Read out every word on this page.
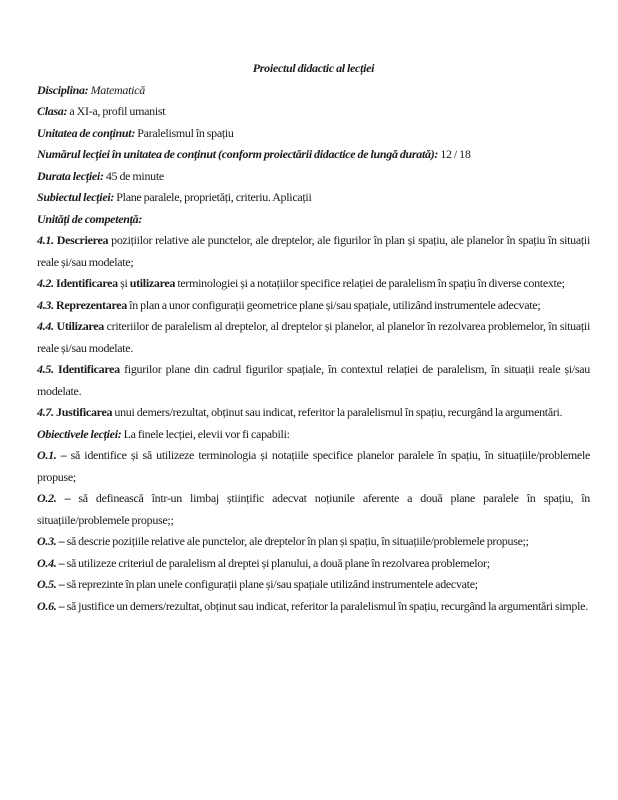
Proiectul didactic al lecției

Disciplina: Matematică

Clasa: a XI-a, profil umanist

Unitatea de conținut: Paralelismul în spațiu

Numărul lecției în unitatea de conținut (conform proiectării didactice de lungă durată): 12 / 18

Durata lecției: 45 de minute

Subiectul lecției: Plane paralele, proprietăți, criteriu. Aplicații

Unități de competență:

4.1. Descrierea pozițiilor relative ale punctelor, ale dreptelor, ale figurilor în plan și spațiu, ale planelor în spațiu în situații reale și/sau modelate;

4.2. Identificarea și utilizarea terminologiei și a notațiilor specifice relației de paralelism în spațiu în diverse contexte;

4.3. Reprezentarea în plan a unor configurații geometrice plane și/sau spațiale, utilizând instrumentele adecvate;

4.4. Utilizarea criteriilor de paralelism al dreptelor, al dreptelor și planelor, al planelor în rezolvarea problemelor, în situații reale și/sau modelate.

4.5. Identificarea figurilor plane din cadrul figurilor spațiale, în contextul relației de paralelism, în situații reale și/sau modelate.

4.7. Justificarea unui demers/rezultat, obținut sau indicat, referitor la paralelismul în spațiu, recurgând la argumentări.

Obiectivele lecției: La finele lecției, elevii vor fi capabili:

O.1. – să identifice și să utilizeze terminologia și notațiile specifice planelor paralele în spațiu, în situațiile/problemele propuse;

O.2. – să definească într-un limbaj științific adecvat noțiunile aferente a două plane paralele în spațiu, în situațiile/problemele propuse;;

O.3. – să descrie pozițiile relative ale punctelor, ale dreptelor în plan și spațiu, în situațiile/problemele propuse;;

O.4. – să utilizeze criteriul de paralelism al dreptei și planului, a două plane în rezolvarea problemelor;

O.5. – să reprezinte în plan unele configurații plane și/sau spațiale utilizând instrumentele adecvate;

O.6. – să justifice un demers/rezultat, obținut sau indicat, referitor la paralelismul în spațiu, recurgând la argumentări simple.
